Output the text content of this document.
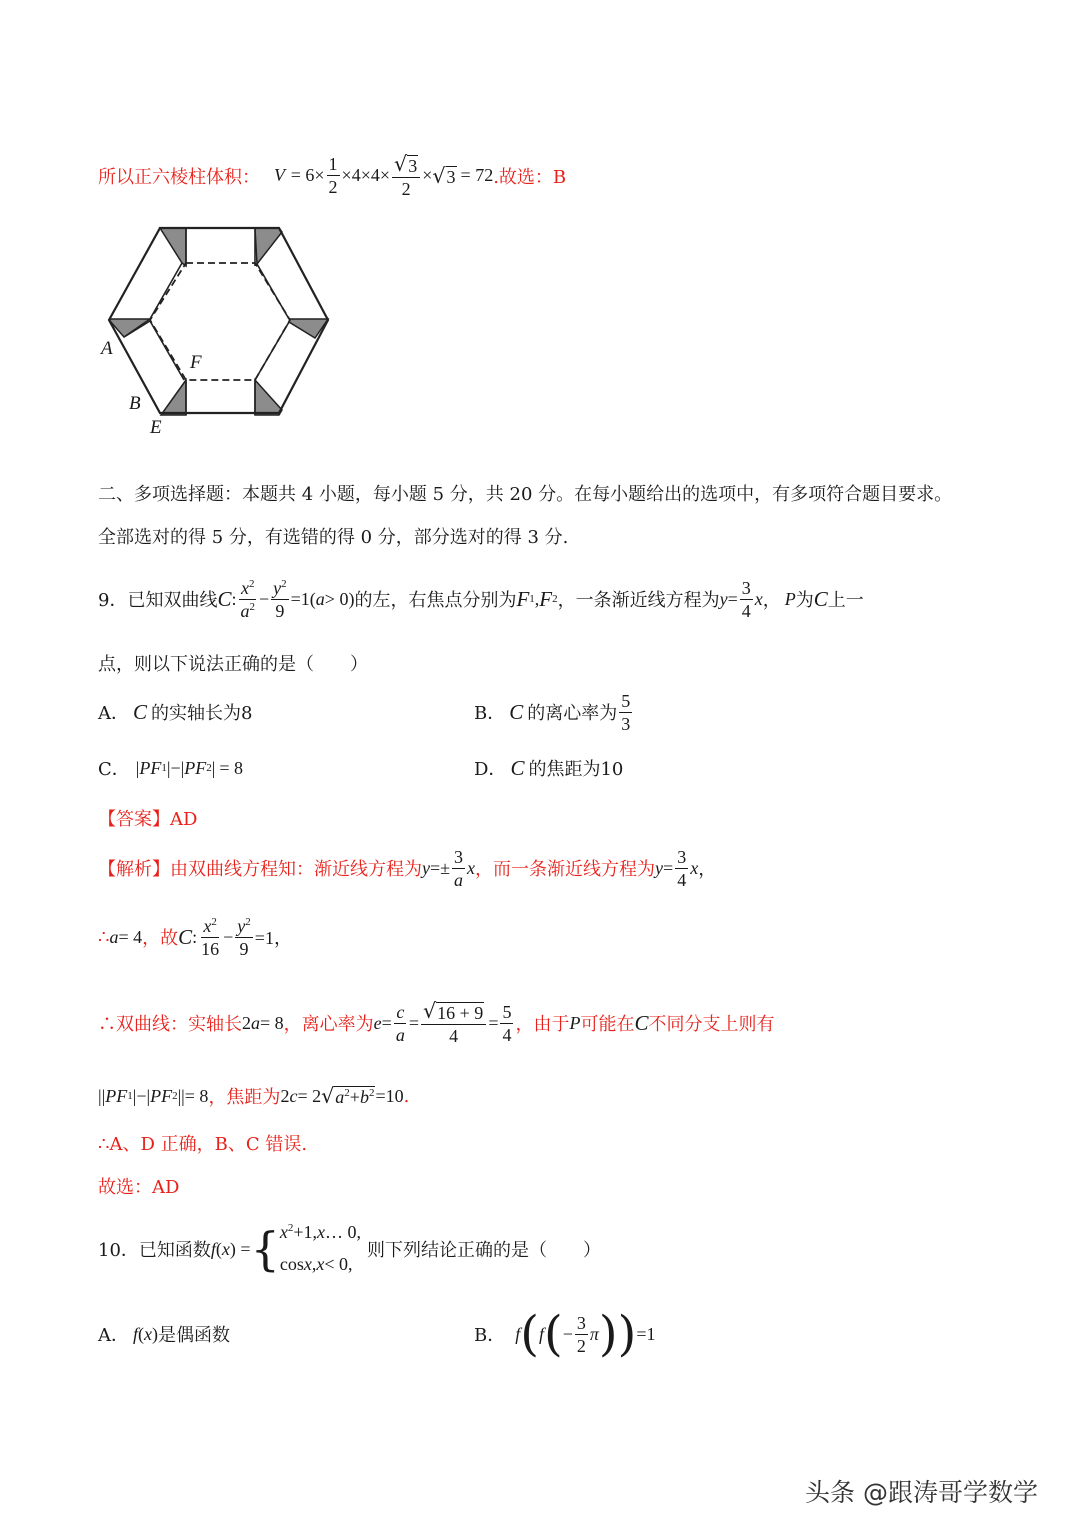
所以正六棱柱体积： V
= $6\times \frac{1}{2} \times 4\times 4\times \frac{√ 3}{2}$ × √ 3 = 72 .故选：B
A
F
B
E
二、多项选择题：本题共 4 小题，每小题 5 分，共 20 分。在每小题给出的选项中，有多项符合题目要求。
全部选对的得 5 分，有选错的得 0 分，部分选对的得 3 分.
9．已知双曲线 C : $\frac{x^2}{a^2} - \frac{y^2}{9} =1$( a > 0) 的左，右焦点分别为 F 1 , F 2 ，一条渐近线方程为 $y = \frac{3}{4}$ x ， P 为 C 上一
点，则以下说法正确的是（　　）
A． C 的实轴长为8	B． C 的离心率为 $\frac{5}{3}$
C． | PF 1 |−| PF 2 | = 8	D． C 的焦距为10
【答案】AD
【解析】 由双曲线方程知：渐近线方程为 $y =\pm \frac{3}{a}$ x ，而一条渐近线方程为 $y = \frac{3}{4}$ x ，
∴ a = 4 ，故 C : $\frac{x^2}{16} - \frac{y^2}{9} =1$，
∴双曲线：实轴长 2 a = 8 ，离心率为 $e = \frac{c}{a} = \frac{√ 16 + 9}{4} = \frac{5}{4}$ ，由于 P 可能在 C 不同分支上则有
|| PF 1 |−| PF 2 ||= 8 ，焦距为 2 c = 2 √ $a^2+b^2 =10$ .
∴A、D 正确，B、C 错误.
故选：AD
10．已知函数 f ( x ) = { $x^2+1,x\dots$ 0,
cosx,x< 0,
则下列结论正确的是（　　）
A． f ( x ) 是偶函数	B． f ( f ( − $\frac{3}{2}$ π )) =1
头条 @跟涛哥学数学
